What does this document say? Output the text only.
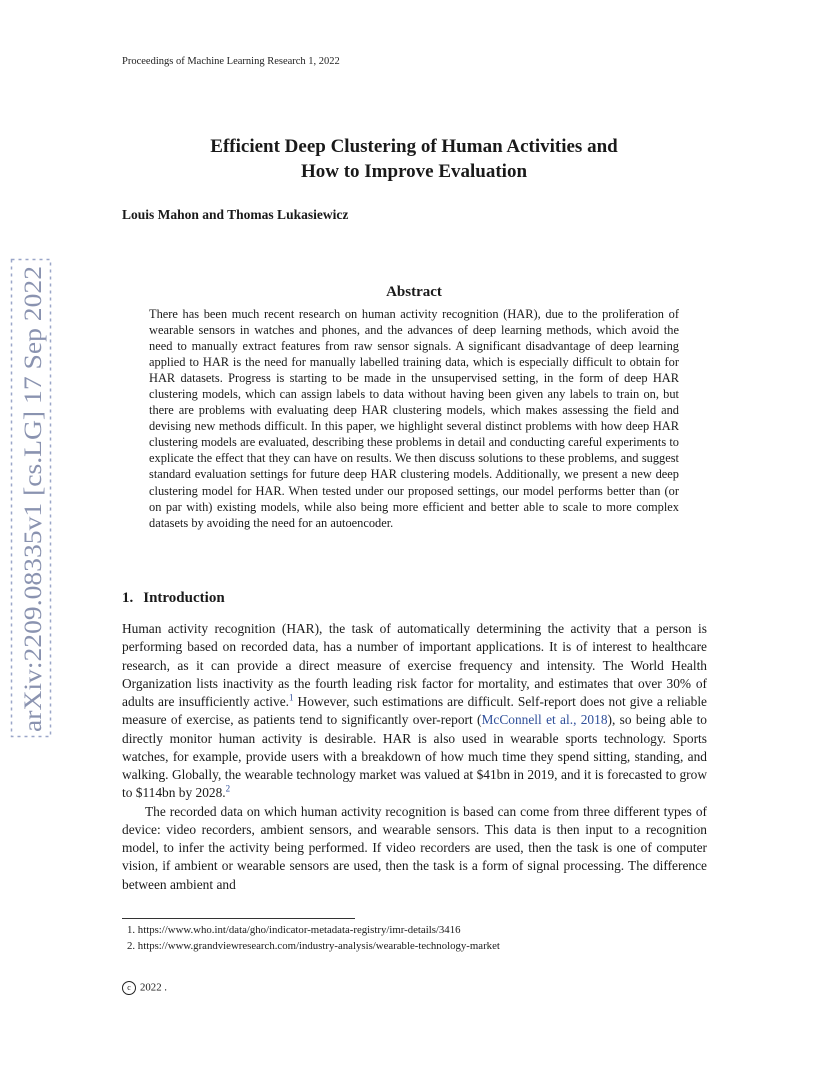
Proceedings of Machine Learning Research 1, 2022
arXiv:2209.08335v1 [cs.LG] 17 Sep 2022
Efficient Deep Clustering of Human Activities and
How to Improve Evaluation
Louis Mahon and Thomas Lukasiewicz
Abstract
There has been much recent research on human activity recognition (HAR), due to the proliferation of wearable sensors in watches and phones, and the advances of deep learning methods, which avoid the need to manually extract features from raw sensor signals. A significant disadvantage of deep learning applied to HAR is the need for manually labelled training data, which is especially difficult to obtain for HAR datasets. Progress is starting to be made in the unsupervised setting, in the form of deep HAR clustering models, which can assign labels to data without having been given any labels to train on, but there are problems with evaluating deep HAR clustering models, which makes assessing the field and devising new methods difficult. In this paper, we highlight several distinct problems with how deep HAR clustering models are evaluated, describing these problems in detail and conducting careful experiments to explicate the effect that they can have on results. We then discuss solutions to these problems, and suggest standard evaluation settings for future deep HAR clustering models. Additionally, we present a new deep clustering model for HAR. When tested under our proposed settings, our model performs better than (or on par with) existing models, while also being more efficient and better able to scale to more complex datasets by avoiding the need for an autoencoder.
1. Introduction

Human activity recognition (HAR), the task of automatically determining the activity that a person is performing based on recorded data, has a number of important applications. It is of interest to healthcare research, as it can provide a direct measure of exercise frequency and intensity. The World Health Organization lists inactivity as the fourth leading risk factor for mortality, and estimates that over 30% of adults are insufficiently active.$^1$ However, such estimations are difficult. Self-report does not give a reliable measure of exercise, as patients tend to significantly over-report (McConnell et al., 2018), so being able to directly monitor human activity is desirable. HAR is also used in wearable sports technology. Sports watches, for example, provide users with a breakdown of how much time they spend sitting, standing, and walking. Globally, the wearable technology market was valued at $41bn in 2019, and it is forecasted to grow to $114bn by 2028.$^2$

The recorded data on which human activity recognition is based can come from three different types of device: video recorders, ambient sensors, and wearable sensors. This data is then input to a recognition model, to infer the activity being performed. If video recorders are used, then the task is one of computer vision, if ambient or wearable sensors are used, then the task is a form of signal processing. The difference between ambient and

1. https://www.who.int/data/gho/indicator-metadata-registry/imr-details/3416
2. https://www.grandviewresearch.com/industry-analysis/wearable-technology-market
c 2022 .
